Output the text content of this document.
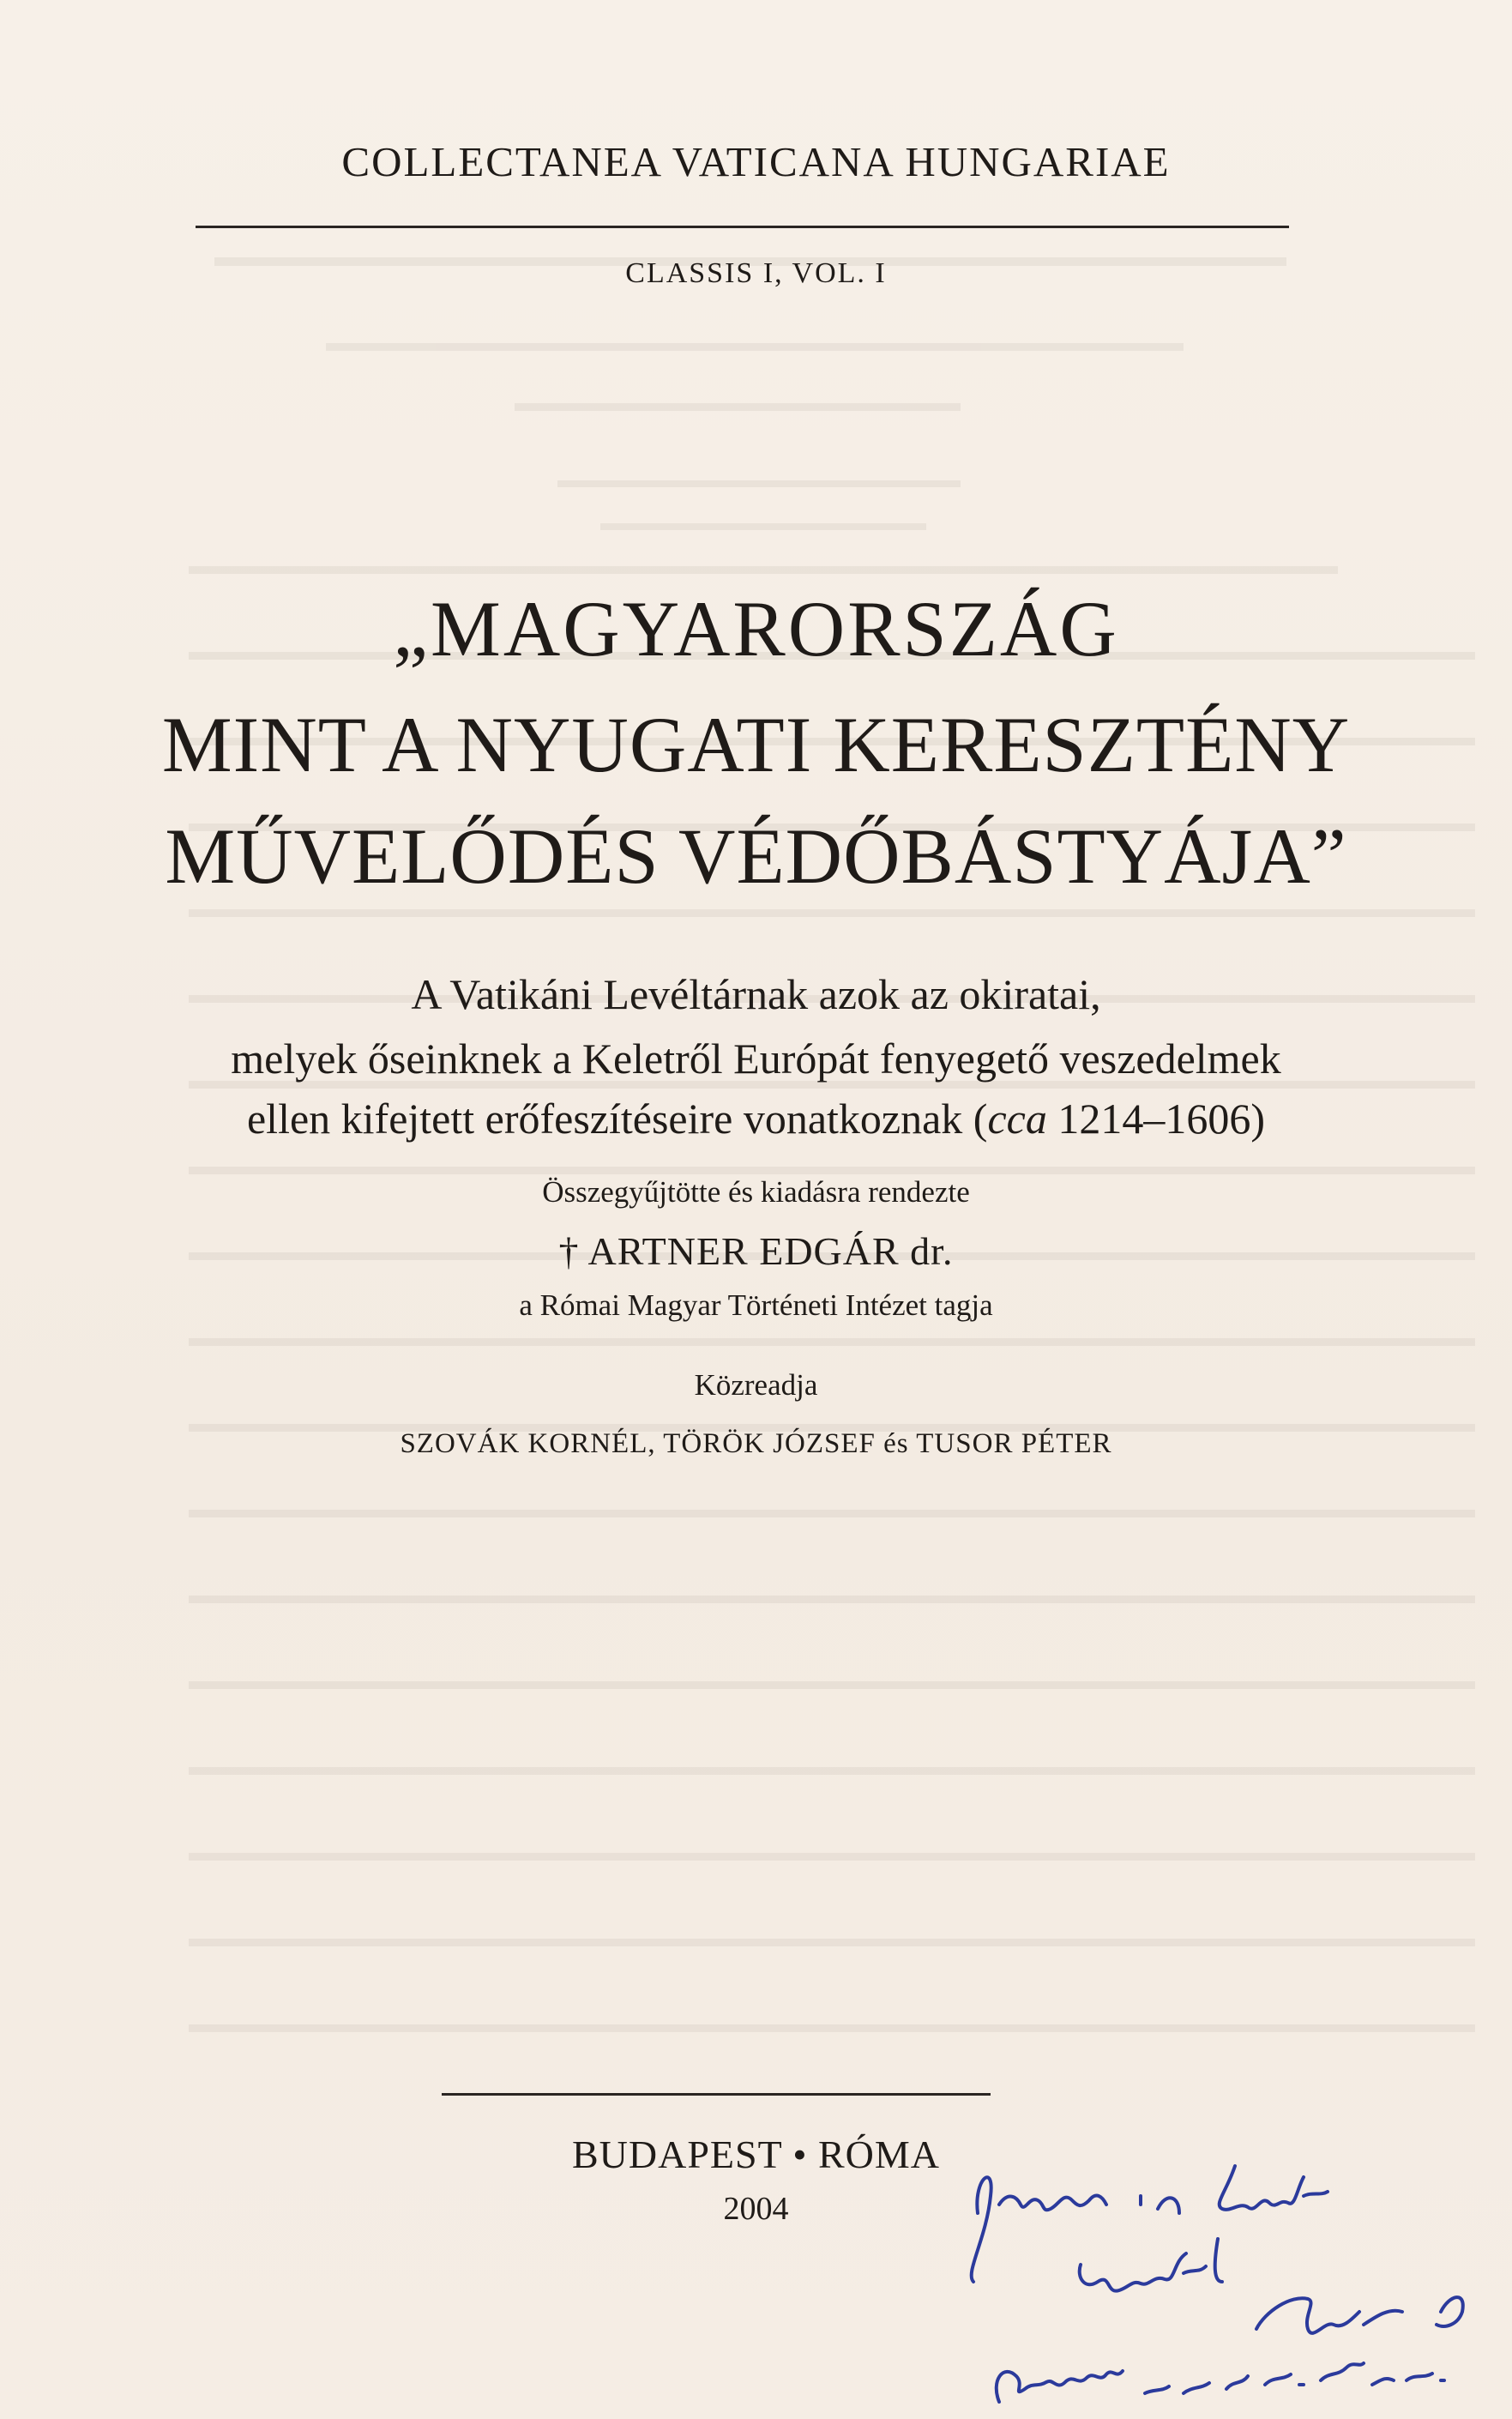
COLLECTANEA VATICANA HUNGARIAE
CLASSIS I, VOL. I
„MAGYARORSZÁG
MINT A NYUGATI KERESZTÉNY
MŰVELŐDÉS VÉDŐBÁSTYÁJA”
A Vatikáni Levéltárnak azok az okiratai,
melyek őseinknek a Keletről Európát fenyegető veszedelmek
ellen kifejtett erőfeszítéseire vonatkoznak (cca 1214–1606)
Összegyűjtötte és kiadásra rendezte
† ARTNER EDGÁR dr.
a Római Magyar Történeti Intézet tagja
Közreadja
SZOVÁK KORNÉL, TÖRÖK JÓZSEF és TUSOR PÉTER
BUDAPEST • RÓMA
2004
